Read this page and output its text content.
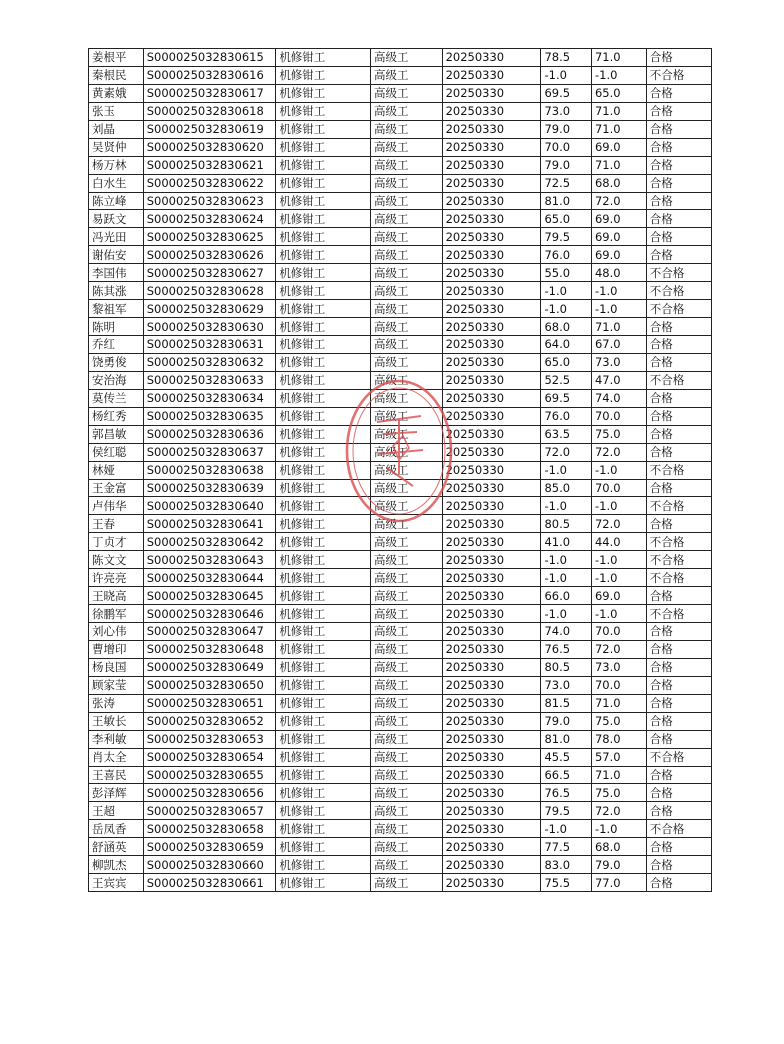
姜根平	S000025032830615	机修钳工	高级工	20250330	78.5	71.0	合格
秦根民	S000025032830616	机修钳工	高级工	20250330	-1.0	-1.0	不合格
黄素娥	S000025032830617	机修钳工	高级工	20250330	69.5	65.0	合格
张玉	S000025032830618	机修钳工	高级工	20250330	73.0	71.0	合格
刘晶	S000025032830619	机修钳工	高级工	20250330	79.0	71.0	合格
吴贤仲	S000025032830620	机修钳工	高级工	20250330	70.0	69.0	合格
杨万林	S000025032830621	机修钳工	高级工	20250330	79.0	71.0	合格
白水生	S000025032830622	机修钳工	高级工	20250330	72.5	68.0	合格
陈立峰	S000025032830623	机修钳工	高级工	20250330	81.0	72.0	合格
易跃文	S000025032830624	机修钳工	高级工	20250330	65.0	69.0	合格
冯光田	S000025032830625	机修钳工	高级工	20250330	79.5	69.0	合格
谢佑安	S000025032830626	机修钳工	高级工	20250330	76.0	69.0	合格
李国伟	S000025032830627	机修钳工	高级工	20250330	55.0	48.0	不合格
陈其涨	S000025032830628	机修钳工	高级工	20250330	-1.0	-1.0	不合格
黎祖军	S000025032830629	机修钳工	高级工	20250330	-1.0	-1.0	不合格
陈明	S000025032830630	机修钳工	高级工	20250330	68.0	71.0	合格
乔红	S000025032830631	机修钳工	高级工	20250330	64.0	67.0	合格
饶勇俊	S000025032830632	机修钳工	高级工	20250330	65.0	73.0	合格
安治海	S000025032830633	机修钳工	高级工	20250330	52.5	47.0	不合格
莫传兰	S000025032830634	机修钳工	高级工	20250330	69.5	74.0	合格
杨红秀	S000025032830635	机修钳工	高级工	20250330	76.0	70.0	合格
郭昌敏	S000025032830636	机修钳工	高级工	20250330	63.5	75.0	合格
侯红聪	S000025032830637	机修钳工	高级工	20250330	72.0	72.0	合格
林娅	S000025032830638	机修钳工	高级工	20250330	-1.0	-1.0	不合格
王金富	S000025032830639	机修钳工	高级工	20250330	85.0	70.0	合格
卢伟华	S000025032830640	机修钳工	高级工	20250330	-1.0	-1.0	不合格
王春	S000025032830641	机修钳工	高级工	20250330	80.5	72.0	合格
丁贞才	S000025032830642	机修钳工	高级工	20250330	41.0	44.0	不合格
陈文文	S000025032830643	机修钳工	高级工	20250330	-1.0	-1.0	不合格
许亮亮	S000025032830644	机修钳工	高级工	20250330	-1.0	-1.0	不合格
王晓高	S000025032830645	机修钳工	高级工	20250330	66.0	69.0	合格
徐鹏军	S000025032830646	机修钳工	高级工	20250330	-1.0	-1.0	不合格
刘心伟	S000025032830647	机修钳工	高级工	20250330	74.0	70.0	合格
曹增印	S000025032830648	机修钳工	高级工	20250330	76.5	72.0	合格
杨良国	S000025032830649	机修钳工	高级工	20250330	80.5	73.0	合格
顾家莹	S000025032830650	机修钳工	高级工	20250330	73.0	70.0	合格
张涛	S000025032830651	机修钳工	高级工	20250330	81.5	71.0	合格
王敏长	S000025032830652	机修钳工	高级工	20250330	79.0	75.0	合格
李利敏	S000025032830653	机修钳工	高级工	20250330	81.0	78.0	合格
肖太全	S000025032830654	机修钳工	高级工	20250330	45.5	57.0	不合格
王喜民	S000025032830655	机修钳工	高级工	20250330	66.5	71.0	合格
彭泽辉	S000025032830656	机修钳工	高级工	20250330	76.5	75.0	合格
王超	S000025032830657	机修钳工	高级工	20250330	79.5	72.0	合格
岳凤香	S000025032830658	机修钳工	高级工	20250330	-1.0	-1.0	不合格
舒涵英	S000025032830659	机修钳工	高级工	20250330	77.5	68.0	合格
柳凯杰	S000025032830660	机修钳工	高级工	20250330	83.0	79.0	合格
王宾宾	S000025032830661	机修钳工	高级工	20250330	75.5	77.0	合格
